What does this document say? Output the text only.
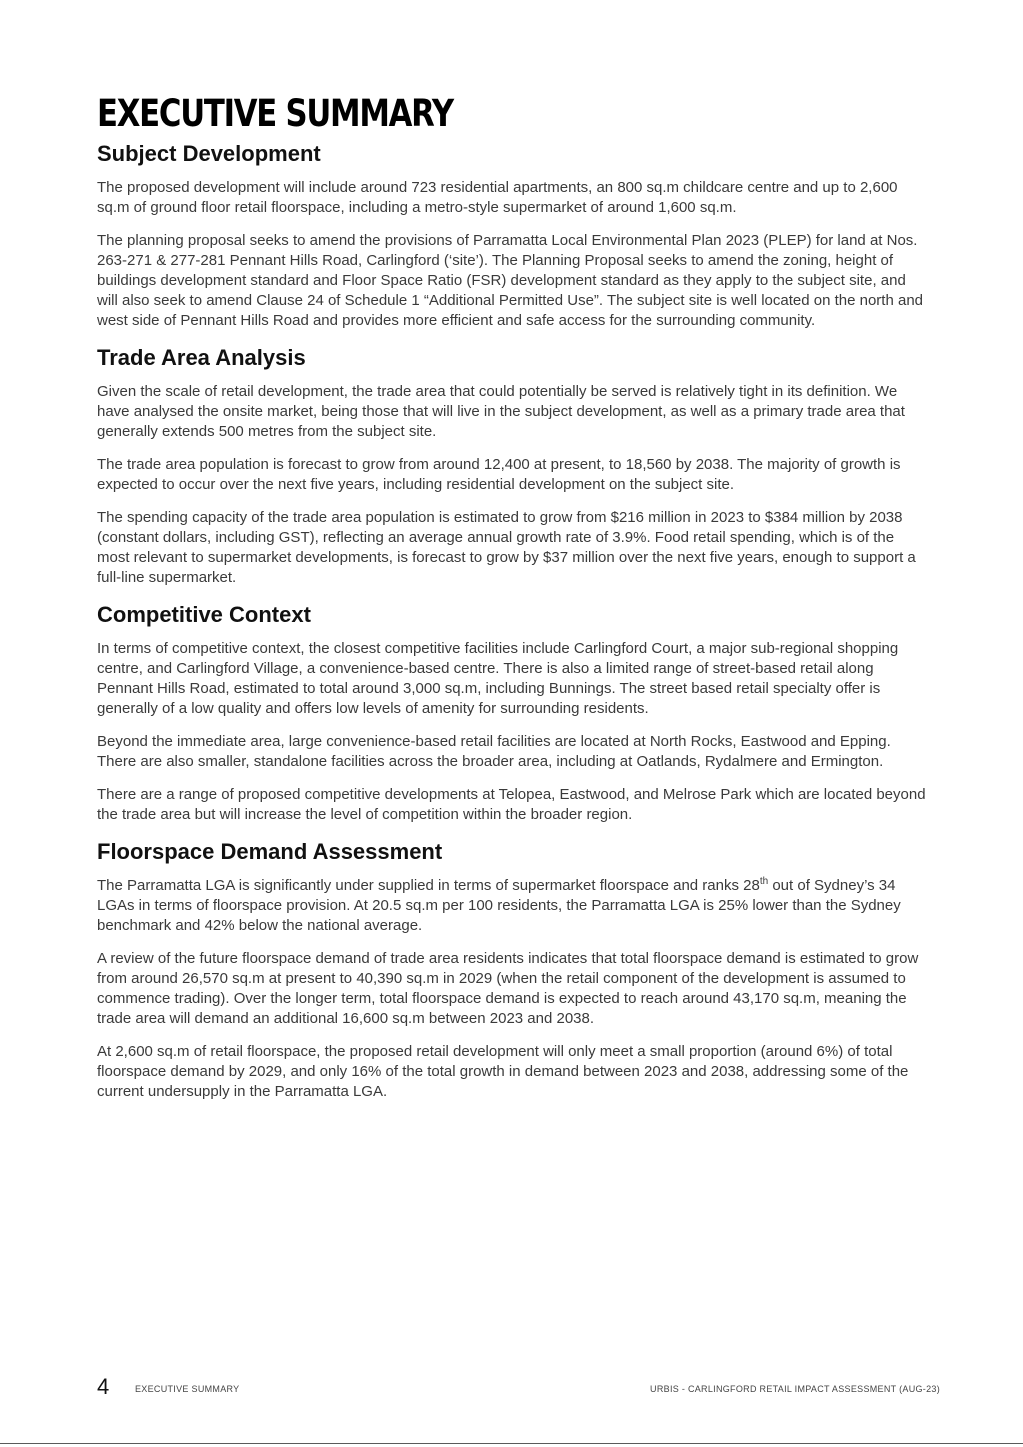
EXECUTIVE SUMMARY
Subject Development

The proposed development will include around 723 residential apartments, an 800 sq.m childcare centre and up to 2,600 sq.m of ground floor retail floorspace, including a metro-style supermarket of around 1,600 sq.m.

The planning proposal seeks to amend the provisions of Parramatta Local Environmental Plan 2023 (PLEP) for land at Nos. 263-271 & 277-281 Pennant Hills Road, Carlingford (‘site’). The Planning Proposal seeks to amend the zoning, height of buildings development standard and Floor Space Ratio (FSR) development standard as they apply to the subject site, and will also seek to amend Clause 24 of Schedule 1 “Additional Permitted Use”. The subject site is well located on the north and west side of Pennant Hills Road and provides more efficient and safe access for the surrounding community.

Trade Area Analysis

Given the scale of retail development, the trade area that could potentially be served is relatively tight in its definition. We have analysed the onsite market, being those that will live in the subject development, as well as a primary trade area that generally extends 500 metres from the subject site.

The trade area population is forecast to grow from around 12,400 at present, to 18,560 by 2038. The majority of growth is expected to occur over the next five years, including residential development on the subject site.

The spending capacity of the trade area population is estimated to grow from $216 million in 2023 to $384 million by 2038 (constant dollars, including GST), reflecting an average annual growth rate of 3.9%. Food retail spending, which is of the most relevant to supermarket developments, is forecast to grow by $37 million over the next five years, enough to support a full-line supermarket.

Competitive Context

In terms of competitive context, the closest competitive facilities include Carlingford Court, a major sub-regional shopping centre, and Carlingford Village, a convenience-based centre. There is also a limited range of street-based retail along Pennant Hills Road, estimated to total around 3,000 sq.m, including Bunnings. The street based retail specialty offer is generally of a low quality and offers low levels of amenity for surrounding residents.

Beyond the immediate area, large convenience-based retail facilities are located at North Rocks, Eastwood and Epping. There are also smaller, standalone facilities across the broader area, including at Oatlands, Rydalmere and Ermington.

There are a range of proposed competitive developments at Telopea, Eastwood, and Melrose Park which are located beyond the trade area but will increase the level of competition within the broader region.

Floorspace Demand Assessment

The Parramatta LGA is significantly under supplied in terms of supermarket floorspace and ranks 28th out of Sydney’s 34 LGAs in terms of floorspace provision. At 20.5 sq.m per 100 residents, the Parramatta LGA is 25% lower than the Sydney benchmark and 42% below the national average.

A review of the future floorspace demand of trade area residents indicates that total floorspace demand is estimated to grow from around 26,570 sq.m at present to 40,390 sq.m in 2029 (when the retail component of the development is assumed to commence trading). Over the longer term, total floorspace demand is expected to reach around 43,170 sq.m, meaning the trade area will demand an additional 16,600 sq.m between 2023 and 2038.

At 2,600 sq.m of retail floorspace, the proposed retail development will only meet a small proportion (around 6%) of total floorspace demand by 2029, and only 16% of the total growth in demand between 2023 and 2038, addressing some of the current undersupply in the Parramatta LGA.

4	EXECUTIVE SUMMARY	URBIS - CARLINGFORD RETAIL IMPACT ASSESSMENT (AUG-23)
